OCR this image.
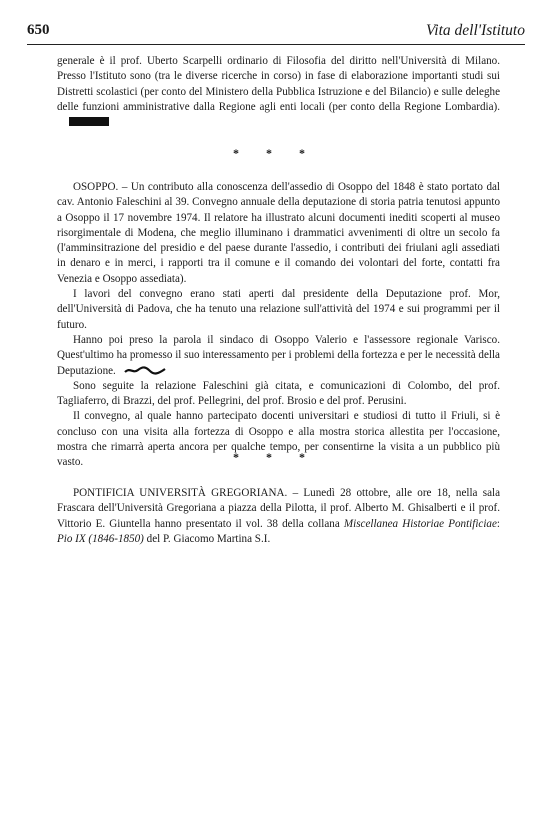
650	Vita dell'Istituto

generale è il prof. Uberto Scarpelli ordinario di Filosofia del diritto nell'Università di Milano. Presso l'Istituto sono (tra le diverse ricerche in corso) in fase di elaborazione importanti studi sui Distretti scolastici (per conto del Ministero della Pubblica Istruzione e del Bilancio) e sulle deleghe delle funzioni amministrative dalla Regione agli enti locali (per conto della Regione Lombardia).

* * *

OSOPPO. – Un contributo alla conoscenza dell'assedio di Osoppo del 1848 è stato portato dal cav. Antonio Faleschini al 39. Convegno annuale della deputazione di storia patria tenutosi appunto a Osoppo il 17 novembre 1974. Il relatore ha illustrato alcuni documenti inediti scoperti al museo risorgimentale di Modena, che meglio illuminano i drammatici avvenimenti di oltre un secolo fa (l'amminsitrazione del presidio e del paese durante l'assedio, i contributi dei friulani agli assediati in denaro e in merci, i rapporti tra il comune e il comando dei volontari del forte, contatti fra Venezia e Osoppo assediata).

I lavori del convegno erano stati aperti dal presidente della Deputazione prof. Mor, dell'Università di Padova, che ha tenuto una relazione sull'attività del 1974 e sui programmi per il futuro.

Hanno poi preso la parola il sindaco di Osoppo Valerio e l'assessore regionale Varisco. Quest'ultimo ha promesso il suo interessamento per i problemi della fortezza e per le necessità della Deputazione.

Sono seguite la relazione Faleschini già citata, e comunicazioni di Colombo, del prof. Tagliaferro, di Brazzi, del prof. Pellegrini, del prof. Brosio e del prof. Perusini.

Il convegno, al quale hanno partecipato docenti universitari e studiosi di tutto il Friuli, si è concluso con una visita alla fortezza di Osoppo e alla mostra storica allestita per l'occasione, mostra che rimarrà aperta ancora per qualche tempo, per consentirne la visita a un pubblico più vasto.	* * *

PONTIFICIA UNIVERSITÀ GREGORIANA. – Lunedì 28 ottobre, alle ore 18, nella sala Frascara dell'Università Gregoriana a piazza della Pilotta, il prof. Alberto M. Ghisalberti e il prof. Vittorio E. Giuntella hanno presentato il vol. 38 della collana Miscellanea Historiae Pontificiae: Pio IX (1846-1850) del P. Giacomo Martina S.I.
